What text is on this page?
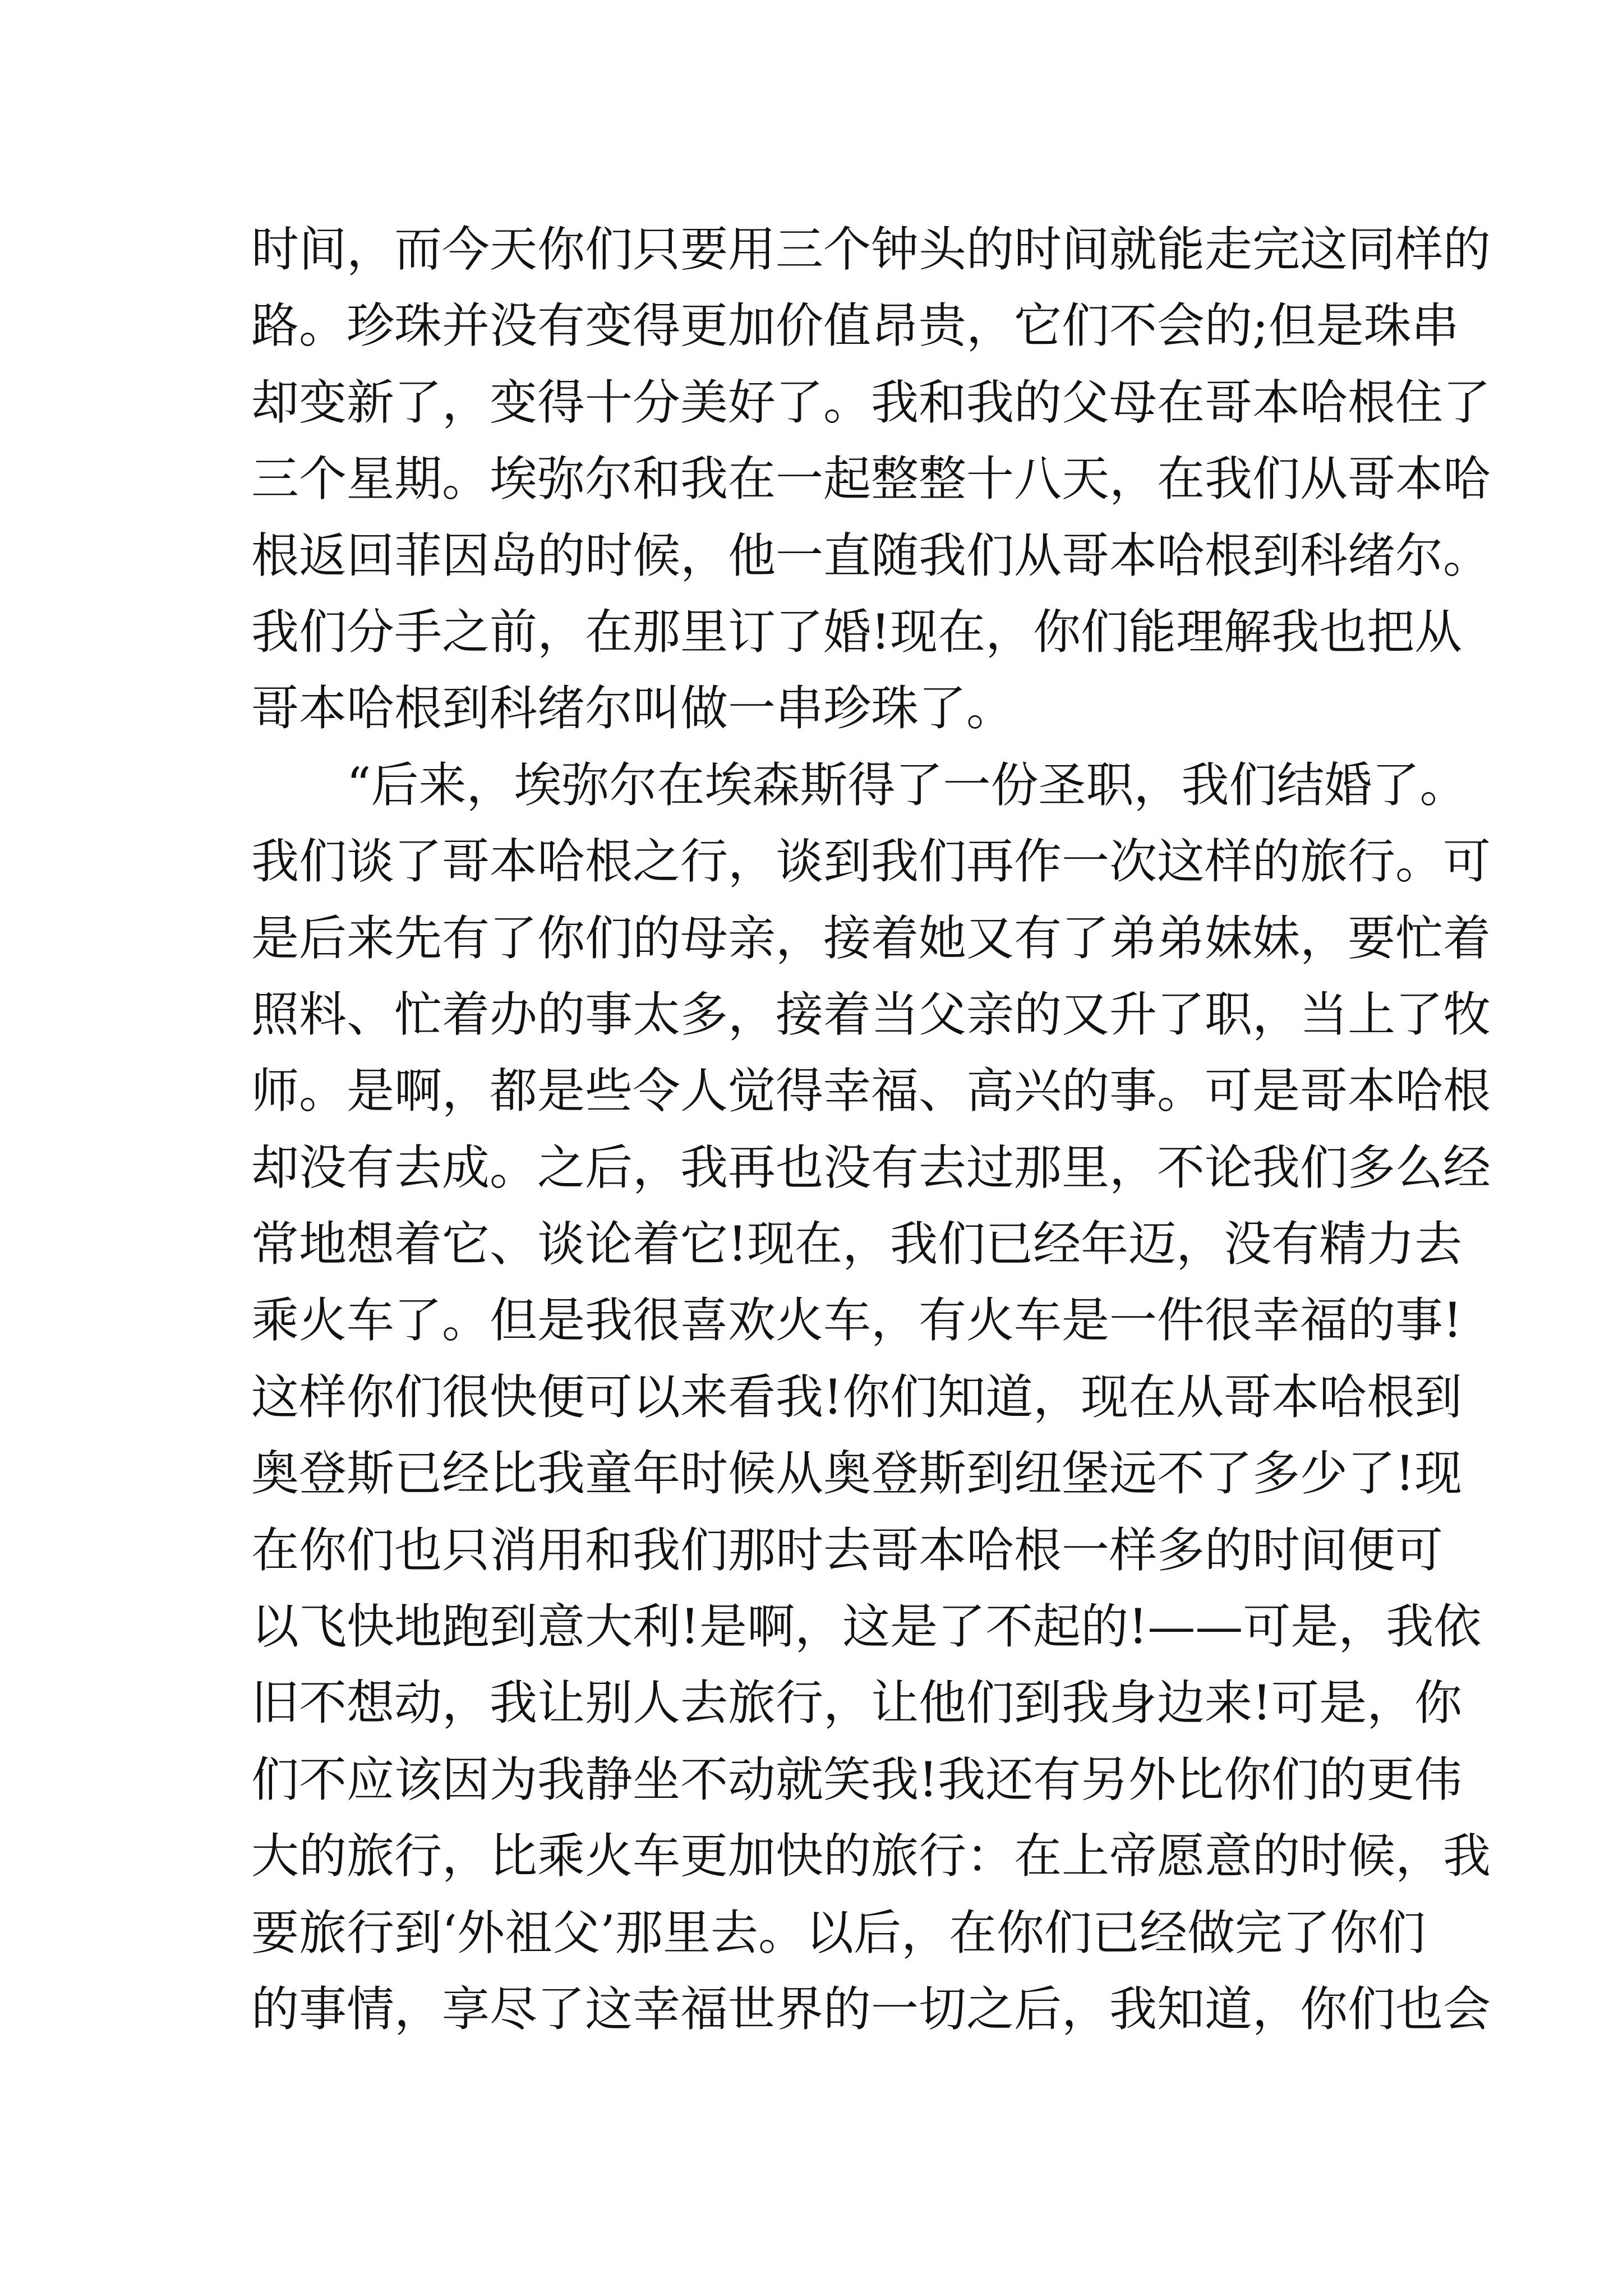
时间，而今天你们只要用三个钟头的时间就能走完这同样的
路。珍珠并没有变得更加价值昂贵，它们不会的;但是珠串
却变新了，变得十分美好了。我和我的父母在哥本哈根住了
三个星期。埃弥尔和我在一起整整十八天，在我们从哥本哈
根返回菲因岛的时候，他一直随我们从哥本哈根到科绪尔。
我们分手之前，在那里订了婚!现在，你们能理解我也把从
哥本哈根到科绪尔叫做一串珍珠了。
　　“后来，埃弥尔在埃森斯得了一份圣职，我们结婚了。
我们谈了哥本哈根之行，谈到我们再作一次这样的旅行。可
是后来先有了你们的母亲，接着她又有了弟弟妹妹，要忙着
照料、忙着办的事太多，接着当父亲的又升了职，当上了牧
师。是啊，都是些令人觉得幸福、高兴的事。可是哥本哈根
却没有去成。之后，我再也没有去过那里，不论我们多么经
常地想着它、谈论着它!现在，我们已经年迈，没有精力去
乘火车了。但是我很喜欢火车，有火车是一件很幸福的事!
这样你们很快便可以来看我!你们知道，现在从哥本哈根到
奥登斯已经比我童年时候从奥登斯到纽堡远不了多少了!现
在你们也只消用和我们那时去哥本哈根一样多的时间便可
以飞快地跑到意大利!是啊，这是了不起的!——可是，我依
旧不想动，我让别人去旅行，让他们到我身边来!可是，你
们不应该因为我静坐不动就笑我!我还有另外比你们的更伟
大的旅行，比乘火车更加快的旅行：在上帝愿意的时候，我
要旅行到‘外祖父’那里去。以后，在你们已经做完了你们
的事情，享尽了这幸福世界的一切之后，我知道，你们也会
